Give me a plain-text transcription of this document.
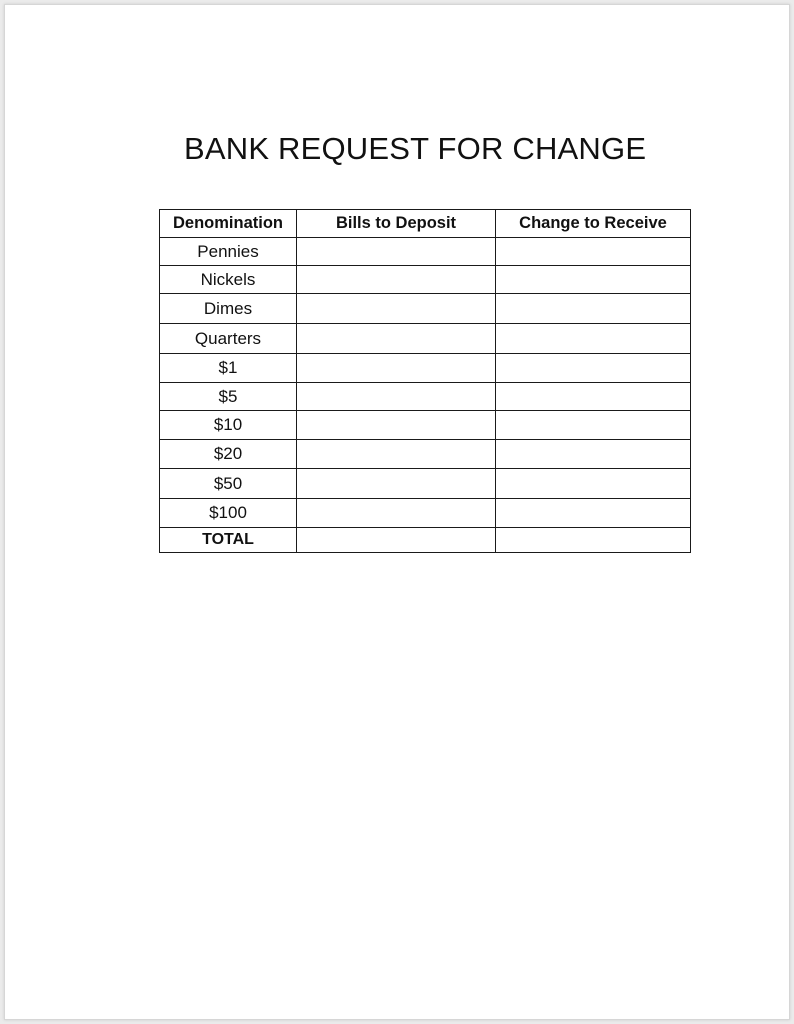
BANK REQUEST FOR CHANGE
Denomination	Bills to Deposit	Change to Receive
Pennies		
Nickels		
Dimes		
Quarters		
$1		
$5		
$10		
$20		
$50		
$100		
TOTAL		
